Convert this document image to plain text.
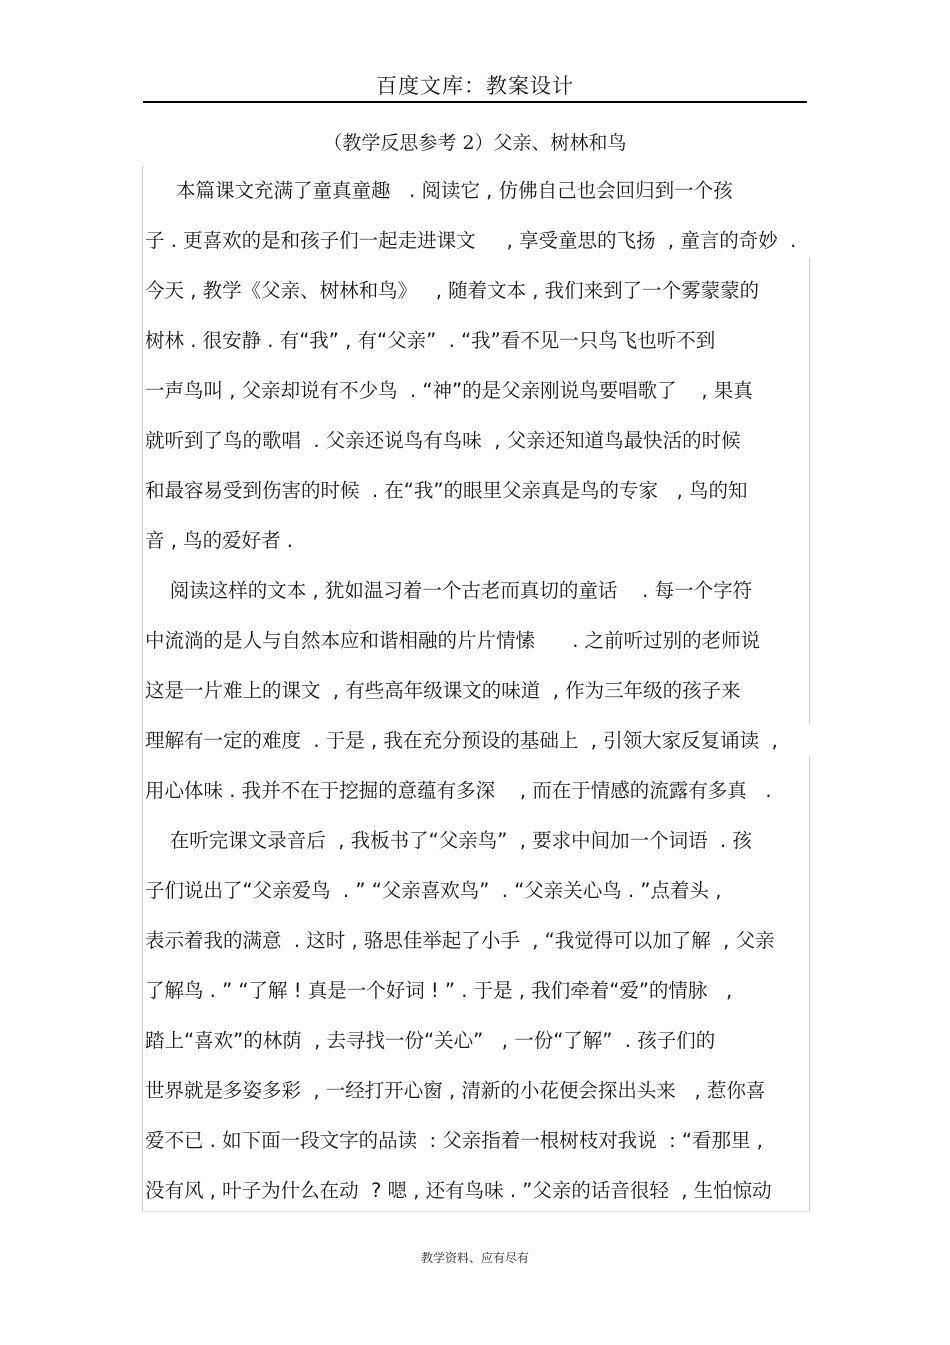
百度文库：教案设计
（教学反思参考 2）父亲、树林和鸟
本篇课文充满了童真童趣   . 阅读它 , 仿佛自己也会回归到一个孩
子 . 更喜欢的是和孩子们一起走进课文     , 享受童思的飞扬  , 童言的奇妙  .
今天 , 教学《父亲、树林和鸟》   , 随着文本 , 我们来到了一个雾蒙蒙的
树林 . 很安静 . 有“我” , 有“父亲”  . “我”看不见一只鸟飞也听不到
一声鸟叫 , 父亲却说有不少鸟  . “神”的是父亲刚说鸟要唱歌了    , 果真
就听到了鸟的歌唱  . 父亲还说鸟有鸟味  , 父亲还知道鸟最快活的时候
和最容易受到伤害的时候  . 在“我”的眼里父亲真是鸟的专家   , 鸟的知
音 , 鸟的爱好者 .
阅读这样的文本 , 犹如温习着一个古老而真切的童话    . 每一个字符
中流淌的是人与自然本应和谐相融的片片情愫      . 之前听过别的老师说
这是一片难上的课文  , 有些高年级课文的味道  , 作为三年级的孩子来
理解有一定的难度  . 于是 , 我在充分预设的基础上  , 引领大家反复诵读  ,
用心体味 . 我并不在于挖掘的意蕴有多深    , 而在于情感的流露有多真   .
在听完课文录音后  , 我板书了“父亲鸟”  , 要求中间加一个词语  . 孩
子们说出了“父亲爱鸟  . ” “父亲喜欢鸟”  . “父亲关心鸟 . ”点着头 ,
表示着我的满意  . 这时 , 骆思佳举起了小手  , “我觉得可以加了解  , 父亲
了解鸟 . ” “了解 ! 真是一个好词 ! ” . 于是 , 我们牵着“爱”的情脉   ,
踏上“喜欢”的林荫  , 去寻找一份“关心”   , 一份“了解”  . 孩子们的
世界就是多姿多彩  , 一经打开心窗 , 清新的小花便会探出头来   , 惹你喜
爱不已 . 如下面一段文字的品读  : 父亲指着一根树枝对我说  : “看那里 ,
没有风 , 叶子为什么在动  ? 嗯 , 还有鸟味 . ”父亲的话音很轻  , 生怕惊动
教学资料、应有尽有
